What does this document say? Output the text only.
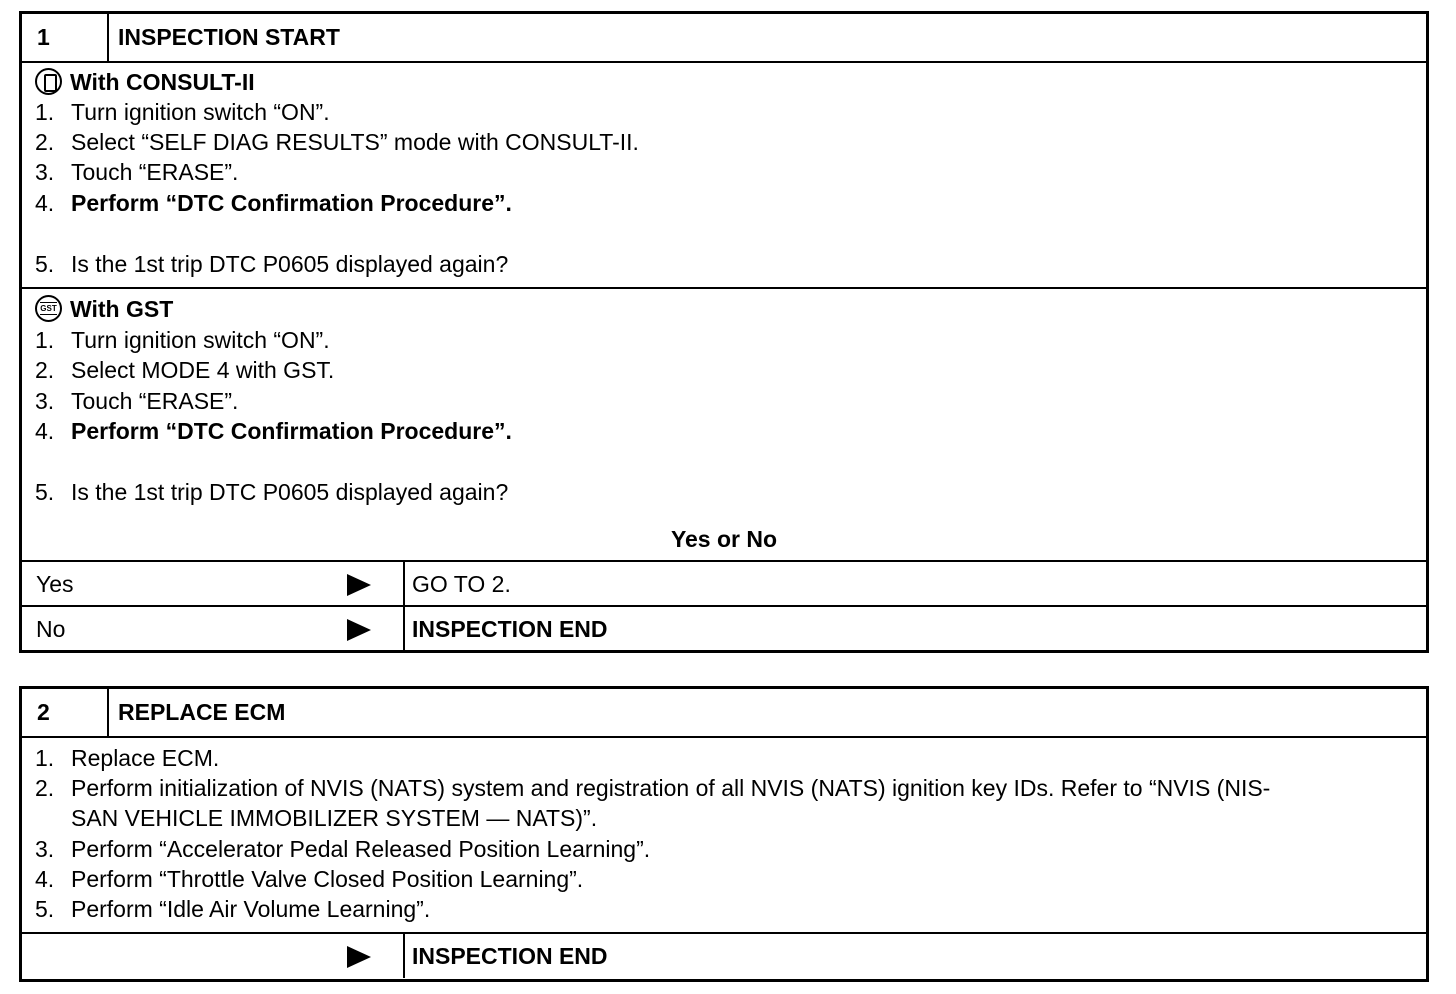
1	INSPECTION START
With CONSULT-II
1. Turn ignition switch “ON”.
2. Select “SELF DIAG RESULTS” mode with CONSULT-II.
3. Touch “ERASE”.
4. Perform “DTC Confirmation Procedure”.
5. Is the 1st trip DTC P0605 displayed again?
GST With GST
1. Turn ignition switch “ON”.
2. Select MODE 4 with GST.
3. Touch “ERASE”.
4. Perform “DTC Confirmation Procedure”.
5. Is the 1st trip DTC P0605 displayed again?
Yes or No
Yes	GO TO 2.
No	INSPECTION END
2	REPLACE ECM
1. Replace ECM.
2. Perform initialization of NVIS (NATS) system and registration of all NVIS (NATS) ignition key IDs. Refer to “NVIS (NIS-
SAN VEHICLE IMMOBILIZER SYSTEM — NATS)”.
3. Perform “Accelerator Pedal Released Position Learning”.
4. Perform “Throttle Valve Closed Position Learning”.
5. Perform “Idle Air Volume Learning”.
INSPECTION END
